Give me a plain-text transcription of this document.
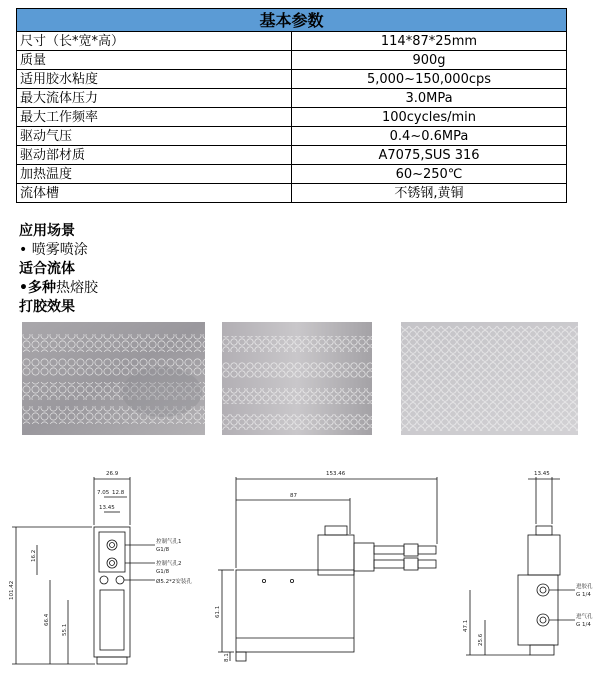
基本参数	
尺寸（长*宽*高）	114*87*25mm
质量	900g
适用胶水粘度	5,000~150,000cps
最大流体压力	3.0MPa
最大工作频率	100cycles/min
驱动气压	0.4~0.6MPa
驱动部材质	A7075,SUS 316
加热温度	60~250℃
流体槽	不锈钢,黄铜
应用场景
• 喷雾喷涂
适合流体
•多种热熔胶
打胶效果
26.9
7.05 12.8
13.45
101.42
16.2
66.4
55.1
控制气孔1
G1/8
控制气孔2
G1/8
Ø5.2*2安装孔
153.46
87
61.1
8.1
13.45
进胶孔
G 1/4
进气孔
G 1/4
47.1
25.6
